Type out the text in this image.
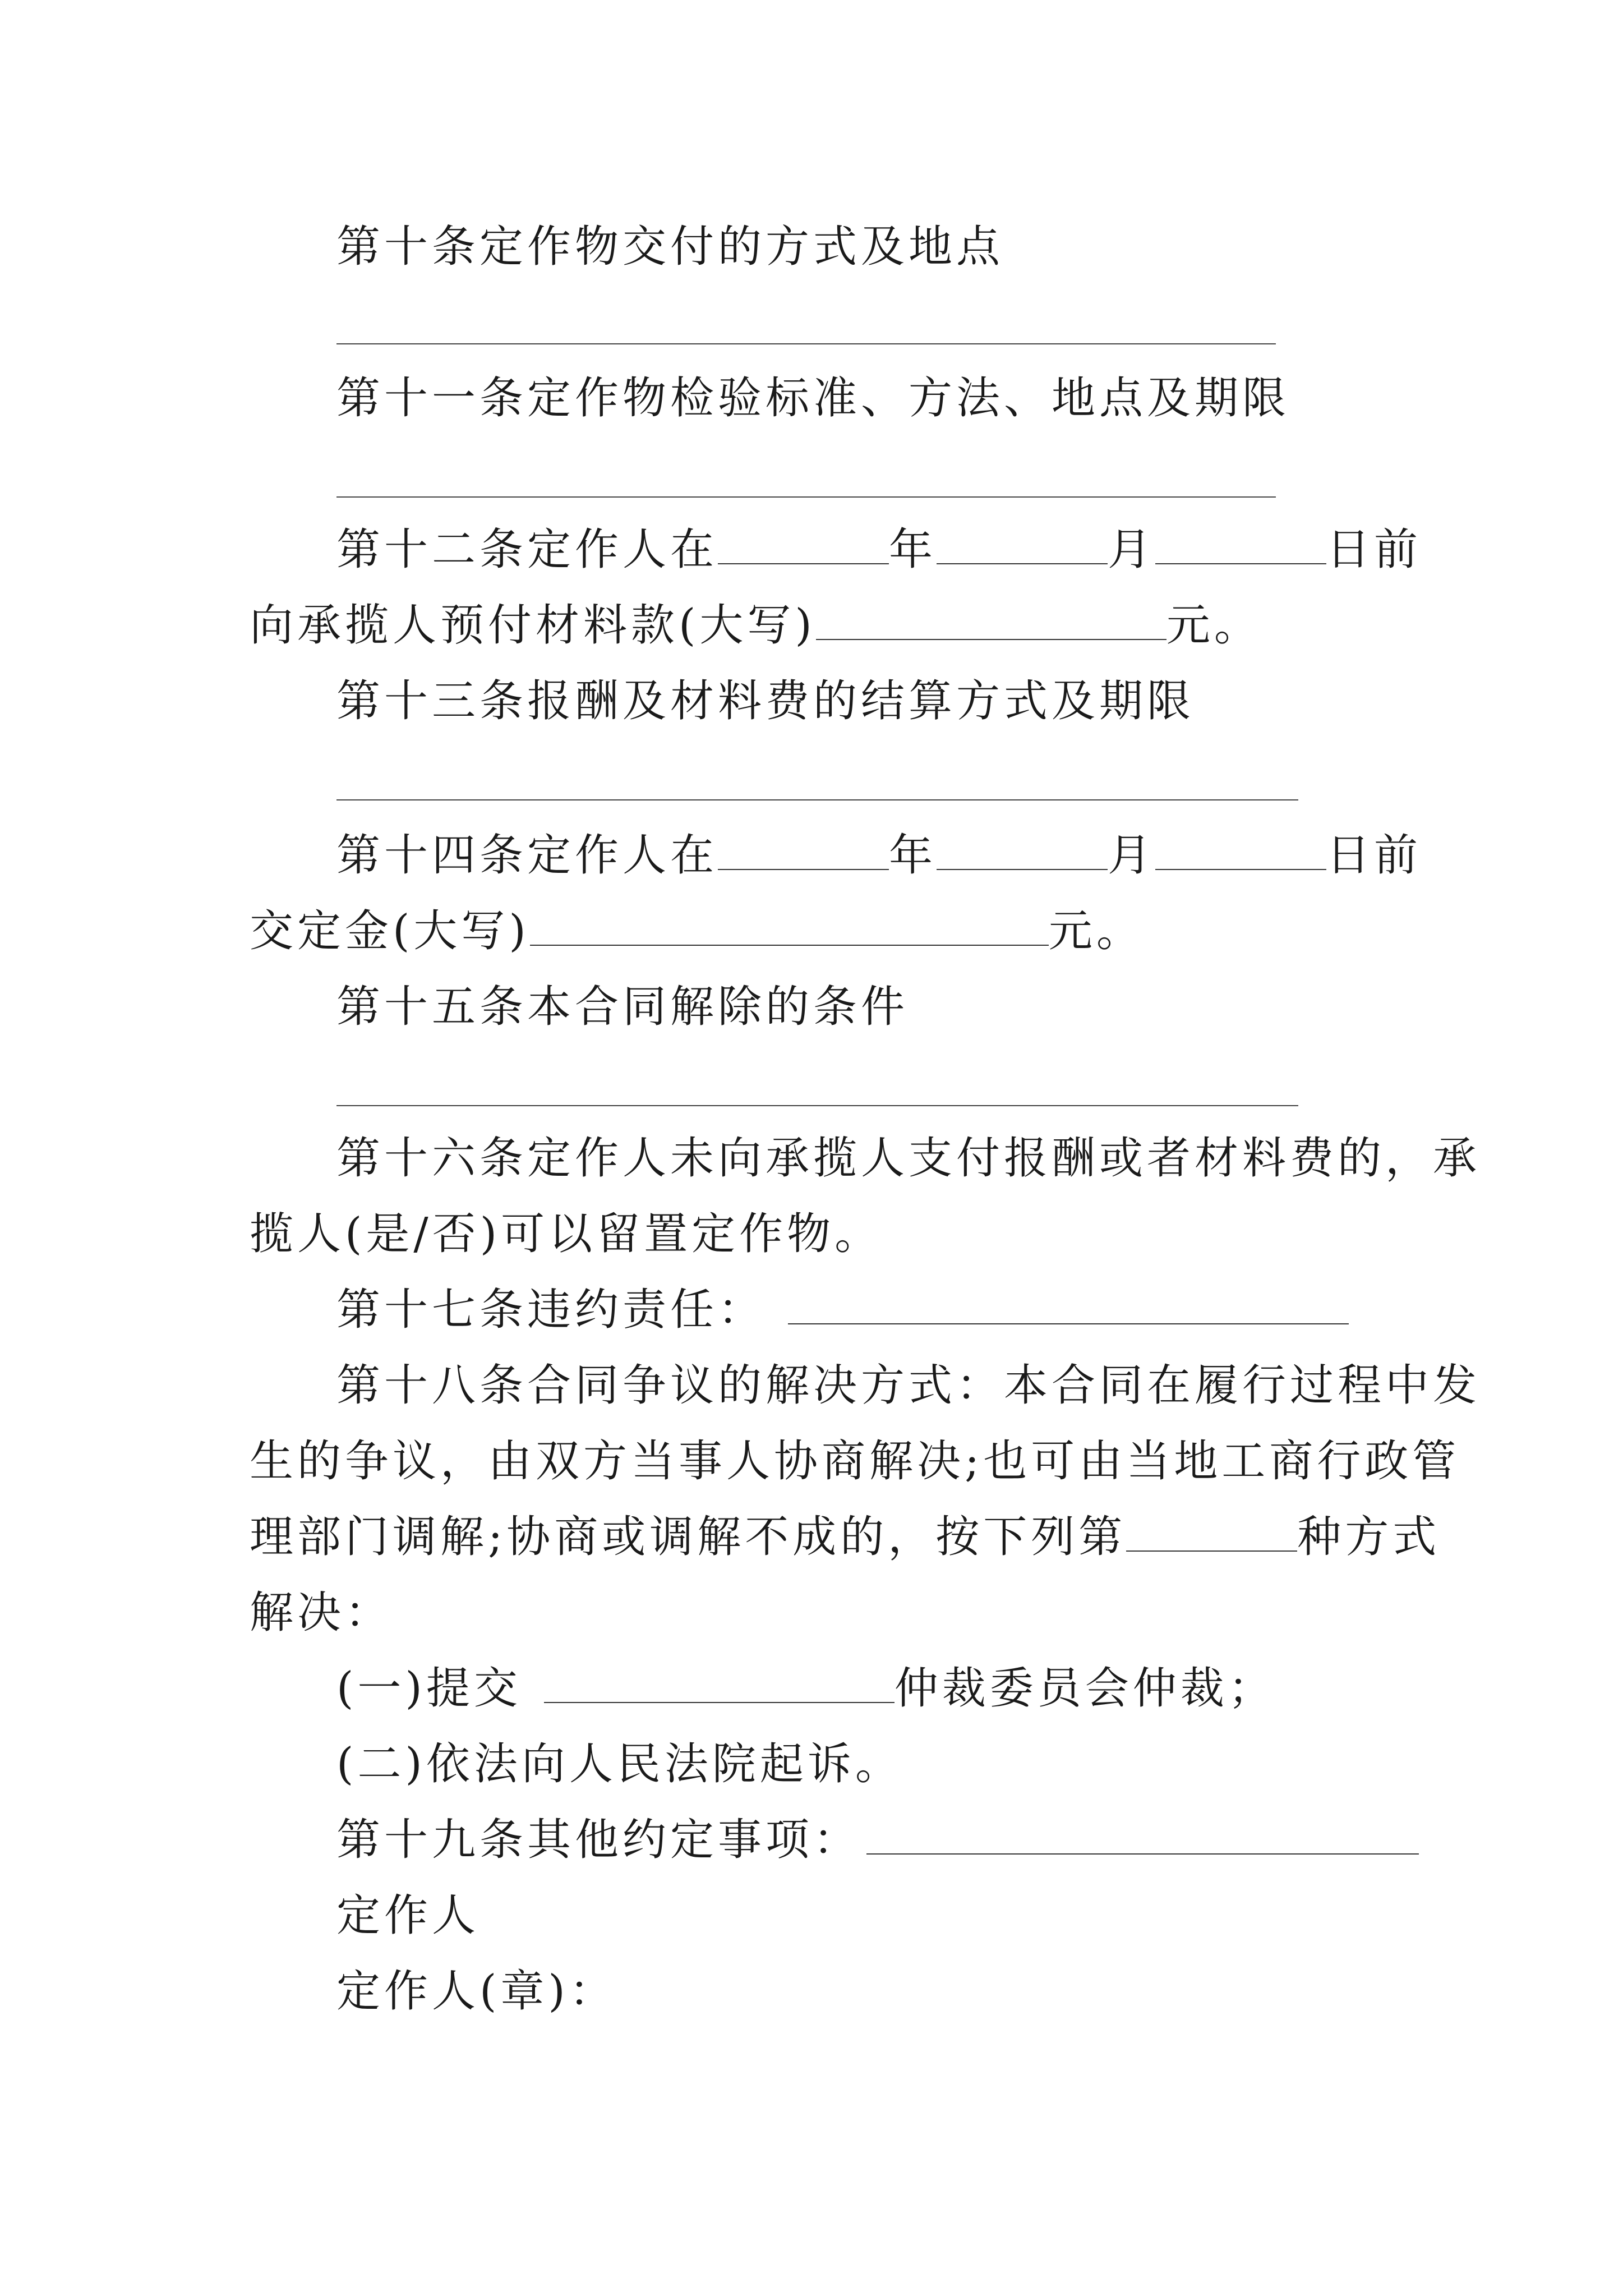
第十条定作物交付的方式及地点
第十一条定作物检验标准、方法、地点及期限
第十二条定作人在	年	月	日前
向承揽人预付材料款(大写)	元。
第十三条报酬及材料费的结算方式及期限
第十四条定作人在	年	月	日前
交定金(大写)	元。
第十五条本合同解除的条件
第十六条定作人未向承揽人支付报酬或者材料费的，承
揽人(是/否)可以留置定作物。
第十七条违约责任：
第十八条合同争议的解决方式：本合同在履行过程中发
生的争议，由双方当事人协商解决;也可由当地工商行政管
理部门调解;协商或调解不成的，按下列第	种方式
解决：
(一)提交	仲裁委员会仲裁；
(二)依法向人民法院起诉。
第十九条其他约定事项：
定作人
定作人(章)：
